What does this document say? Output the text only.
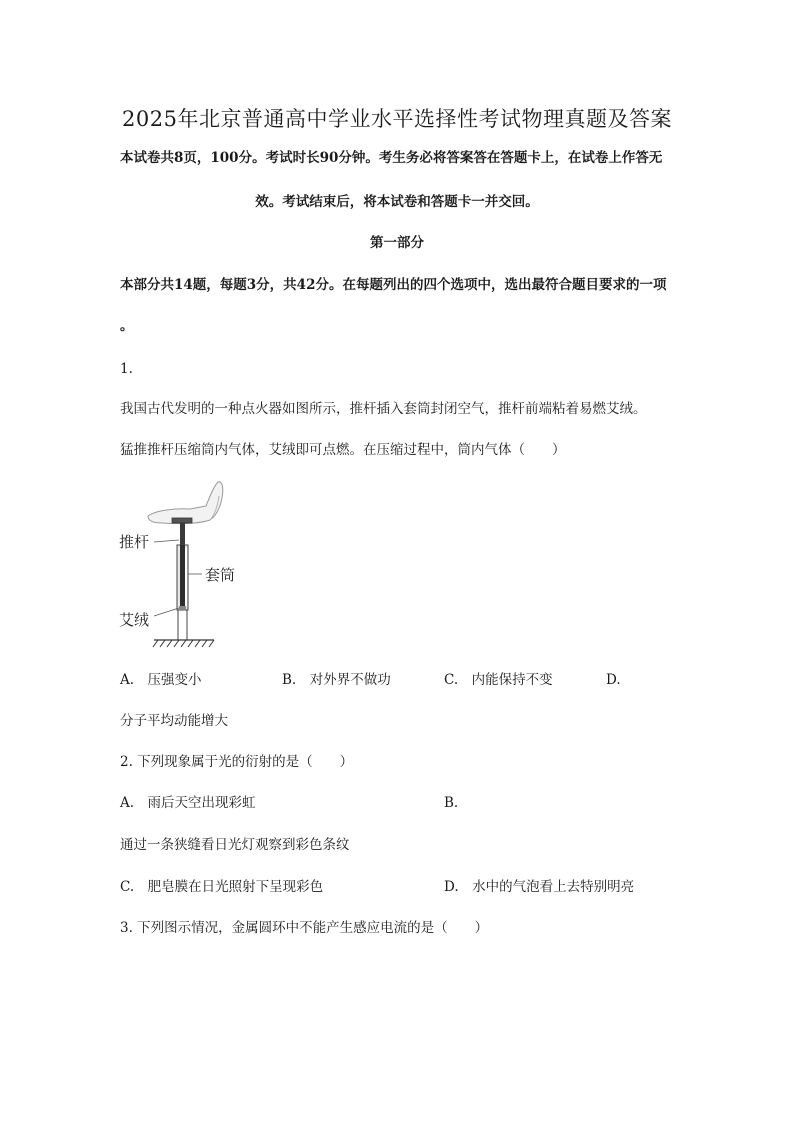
2025年北京普通高中学业水平选择性考试物理真题及答案
本试卷共8页，100分。考试时长90分钟。考生务必将答案答在答题卡上，在试卷上作答无
效。考试结束后，将本试卷和答题卡一并交回。
第一部分
本部分共14题，每题3分，共42分。在每题列出的四个选项中，选出最符合题目要求的一项
。
1.
我国古代发明的一种点火器如图所示，推杆插入套筒封闭空气，推杆前端粘着易燃艾绒。
猛推推杆压缩筒内气体，艾绒即可点燃。在压缩过程中，筒内气体（　　）
推杆
套筒
艾绒
A.　压强变小	B.　对外界不做功	C.　内能保持不变	D.
分子平均动能增大
2. 下列现象属于光的衍射的是（　　）
A.　雨后天空出现彩虹	B.
通过一条狭缝看日光灯观察到彩色条纹
C.　肥皂膜在日光照射下呈现彩色	D.　水中的气泡看上去特别明亮
3. 下列图示情况，金属圆环中不能产生感应电流的是（　　）
